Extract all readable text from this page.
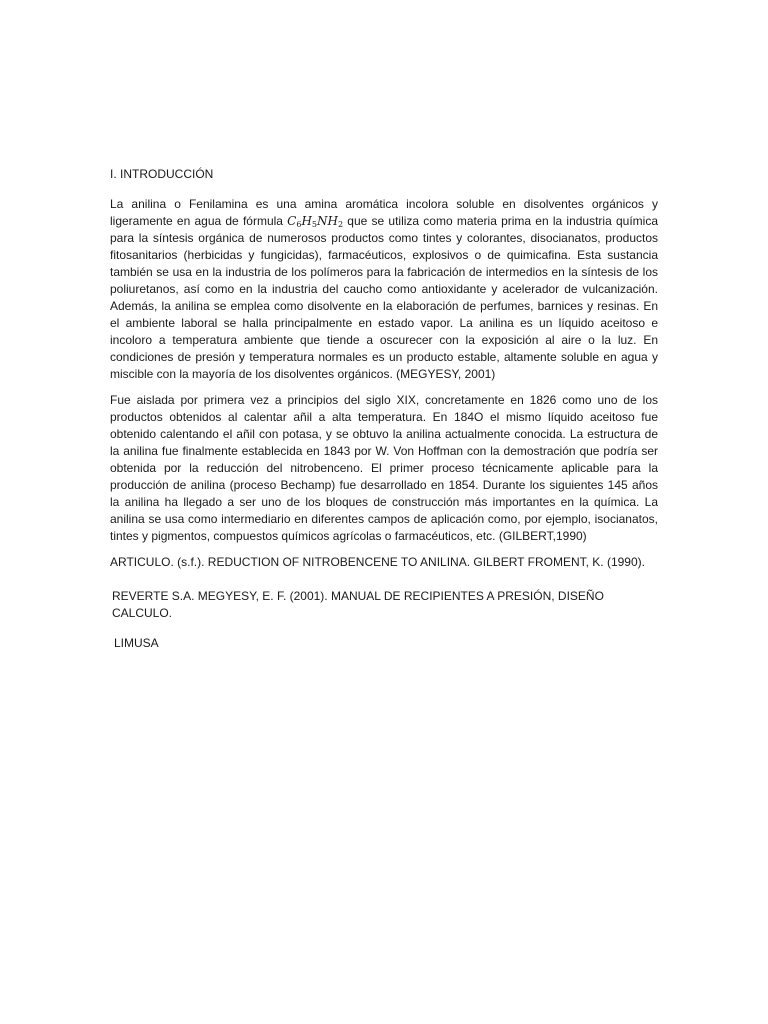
I. INTRODUCCIÓN

La anilina o Fenilamina es una amina aromática incolora soluble en disolventes orgánicos y ligeramente en agua de fórmula $C_6H_5NH_2$ que se utiliza como materia prima en la industria química para la síntesis orgánica de numerosos productos como tintes y colorantes, disocianatos, productos fitosanitarios (herbicidas y fungicidas), farmacéuticos, explosivos o de quimicafina. Esta sustancia también se usa en la industria de los polímeros para la fabricación de intermedios en la síntesis de los poliuretanos, así como en la industria del caucho como antioxidante y acelerador de vulcanización. Además, la anilina se emplea como disolvente en la elaboración de perfumes, barnices y resinas. En el ambiente laboral se halla principalmente en estado vapor. La anilina es un líquido aceitoso e incoloro a temperatura ambiente que tiende a oscurecer con la exposición al aire o la luz. En condiciones de presión y temperatura normales es un producto estable, altamente soluble en agua y miscible con la mayoría de los disolventes orgánicos. (MEGYESY, 2001)

Fue aislada por primera vez a principios del siglo XIX, concretamente en 1826 como uno de los productos obtenidos al calentar añil a alta temperatura. En 184O el mismo líquido aceitoso fue obtenido calentando el añil con potasa, y se obtuvo la anilina actualmente conocida. La estructura de la anilina fue finalmente establecida en 1843 por W. Von Hoffman con la demostración que podría ser obtenida por la reducción del nitrobenceno. El primer proceso técnicamente aplicable para la producción de anilina (proceso Bechamp) fue desarrollado en 1854. Durante los siguientes 145 años la anilina ha llegado a ser uno de los bloques de construcción más importantes en la química. La anilina se usa como intermediario en diferentes campos de aplicación como, por ejemplo, isocianatos, tintes y pigmentos, compuestos químicos agrícolas o farmacéuticos, etc. (GILBERT,1990)

ARTICULO. (s.f.). REDUCTION OF NITROBENCENE TO ANILINA. GILBERT FROMENT, K. (1990).

REVERTE S.A. MEGYESY, E. F. (2001). MANUAL DE RECIPIENTES A PRESIÓN, DISEÑO CALCULO.

LIMUSA
